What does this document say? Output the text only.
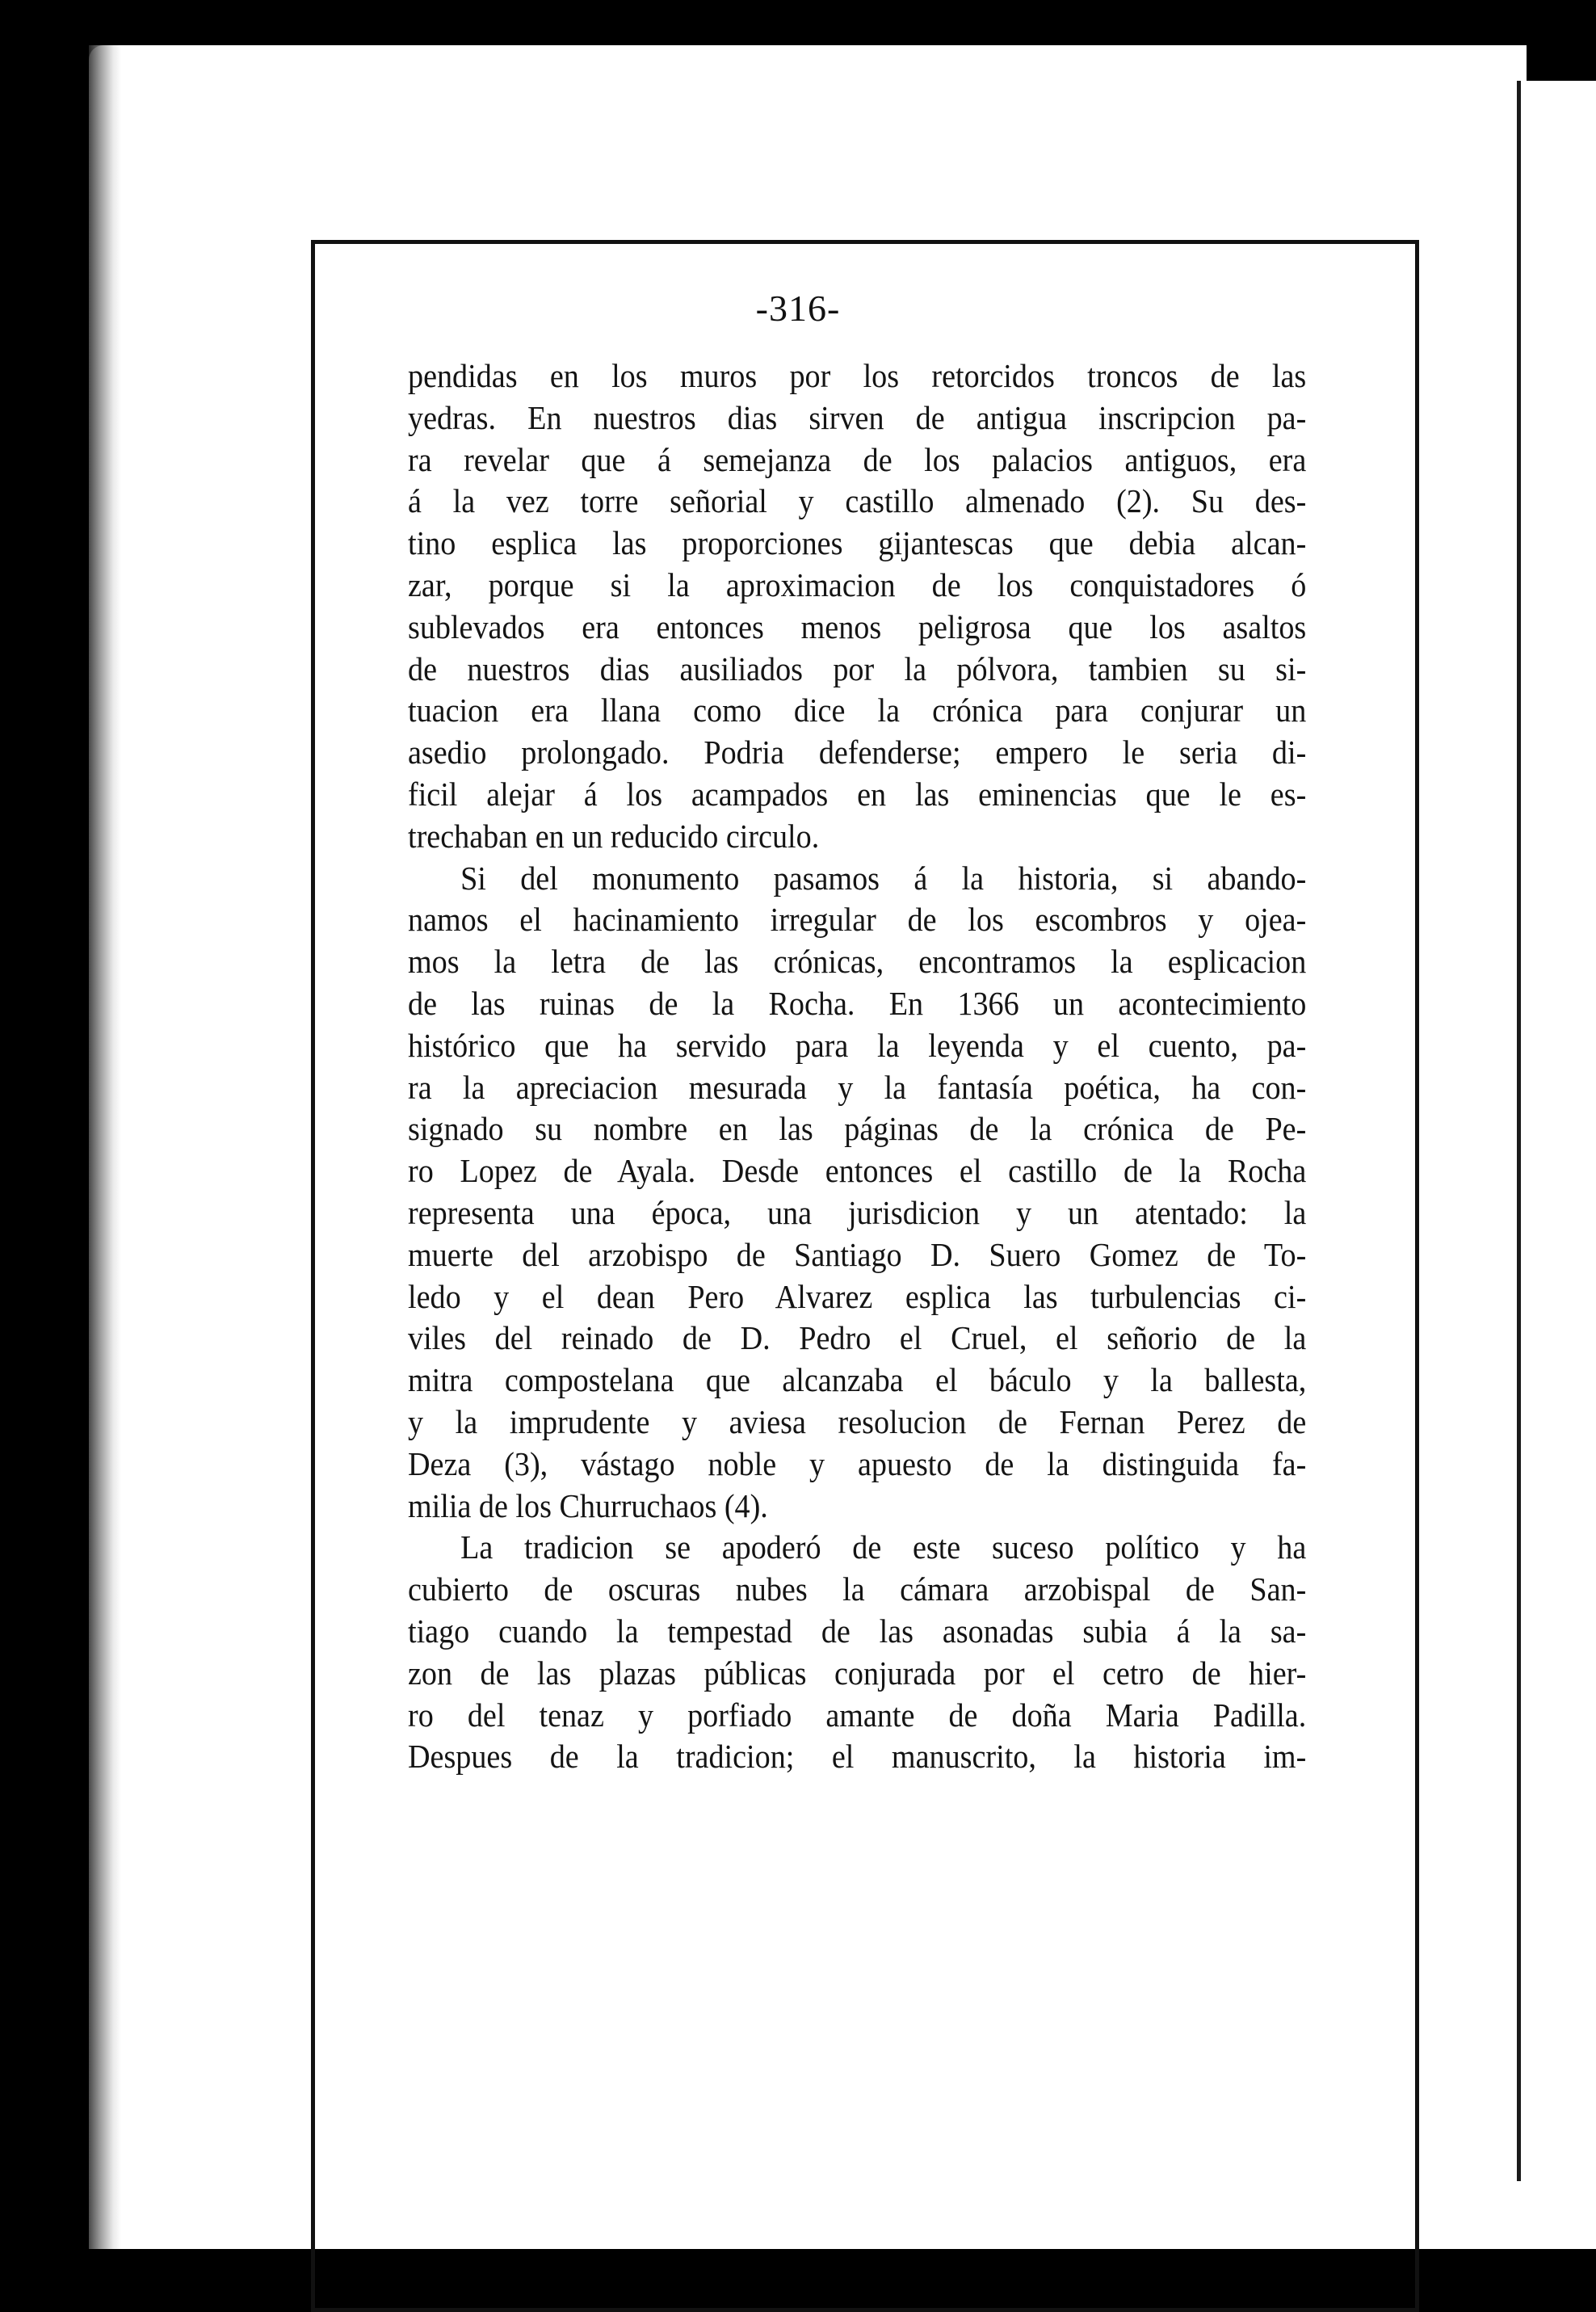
-316-
pendidas en los muros por los retorcidos troncos de las
yedras. En nuestros dias sirven de antigua inscripcion pa-
ra revelar que á semejanza de los palacios antiguos, era
á la vez torre señorial y castillo almenado (2). Su des-
tino esplica las proporciones gijantescas que debia alcan-
zar, porque si la aproximacion de los conquistadores ó
sublevados era entonces menos peligrosa que los asaltos
de nuestros dias ausiliados por la pólvora, tambien su si-
tuacion era llana como dice la crónica para conjurar un
asedio prolongado. Podria defenderse; empero le seria di-
ficil alejar á los acampados en las eminencias que le es-
trechaban en un reducido circulo.
Si del monumento pasamos á la historia, si abando-
namos el hacinamiento irregular de los escombros y ojea-
mos la letra de las crónicas, encontramos la esplicacion
de las ruinas de la Rocha. En 1366 un acontecimiento
histórico que ha servido para la leyenda y el cuento, pa-
ra la apreciacion mesurada y la fantasía poética, ha con-
signado su nombre en las páginas de la crónica de Pe-
ro Lopez de Ayala. Desde entonces el castillo de la Rocha
representa una época, una jurisdicion y un atentado: la
muerte del arzobispo de Santiago D. Suero Gomez de To-
ledo y el dean Pero Alvarez esplica las turbulencias ci-
viles del reinado de D. Pedro el Cruel, el señorio de la
mitra compostelana que alcanzaba el báculo y la ballesta,
y la imprudente y aviesa resolucion de Fernan Perez de
Deza (3), vástago noble y apuesto de la distinguida fa-
milia de los Churruchaos (4).
La tradicion se apoderó de este suceso político y ha
cubierto de oscuras nubes la cámara arzobispal de San-
tiago cuando la tempestad de las asonadas subia á la sa-
zon de las plazas públicas conjurada por el cetro de hier-
ro del tenaz y porfiado amante de doña Maria Padilla.
Despues de la tradicion; el manuscrito, la historia im-
